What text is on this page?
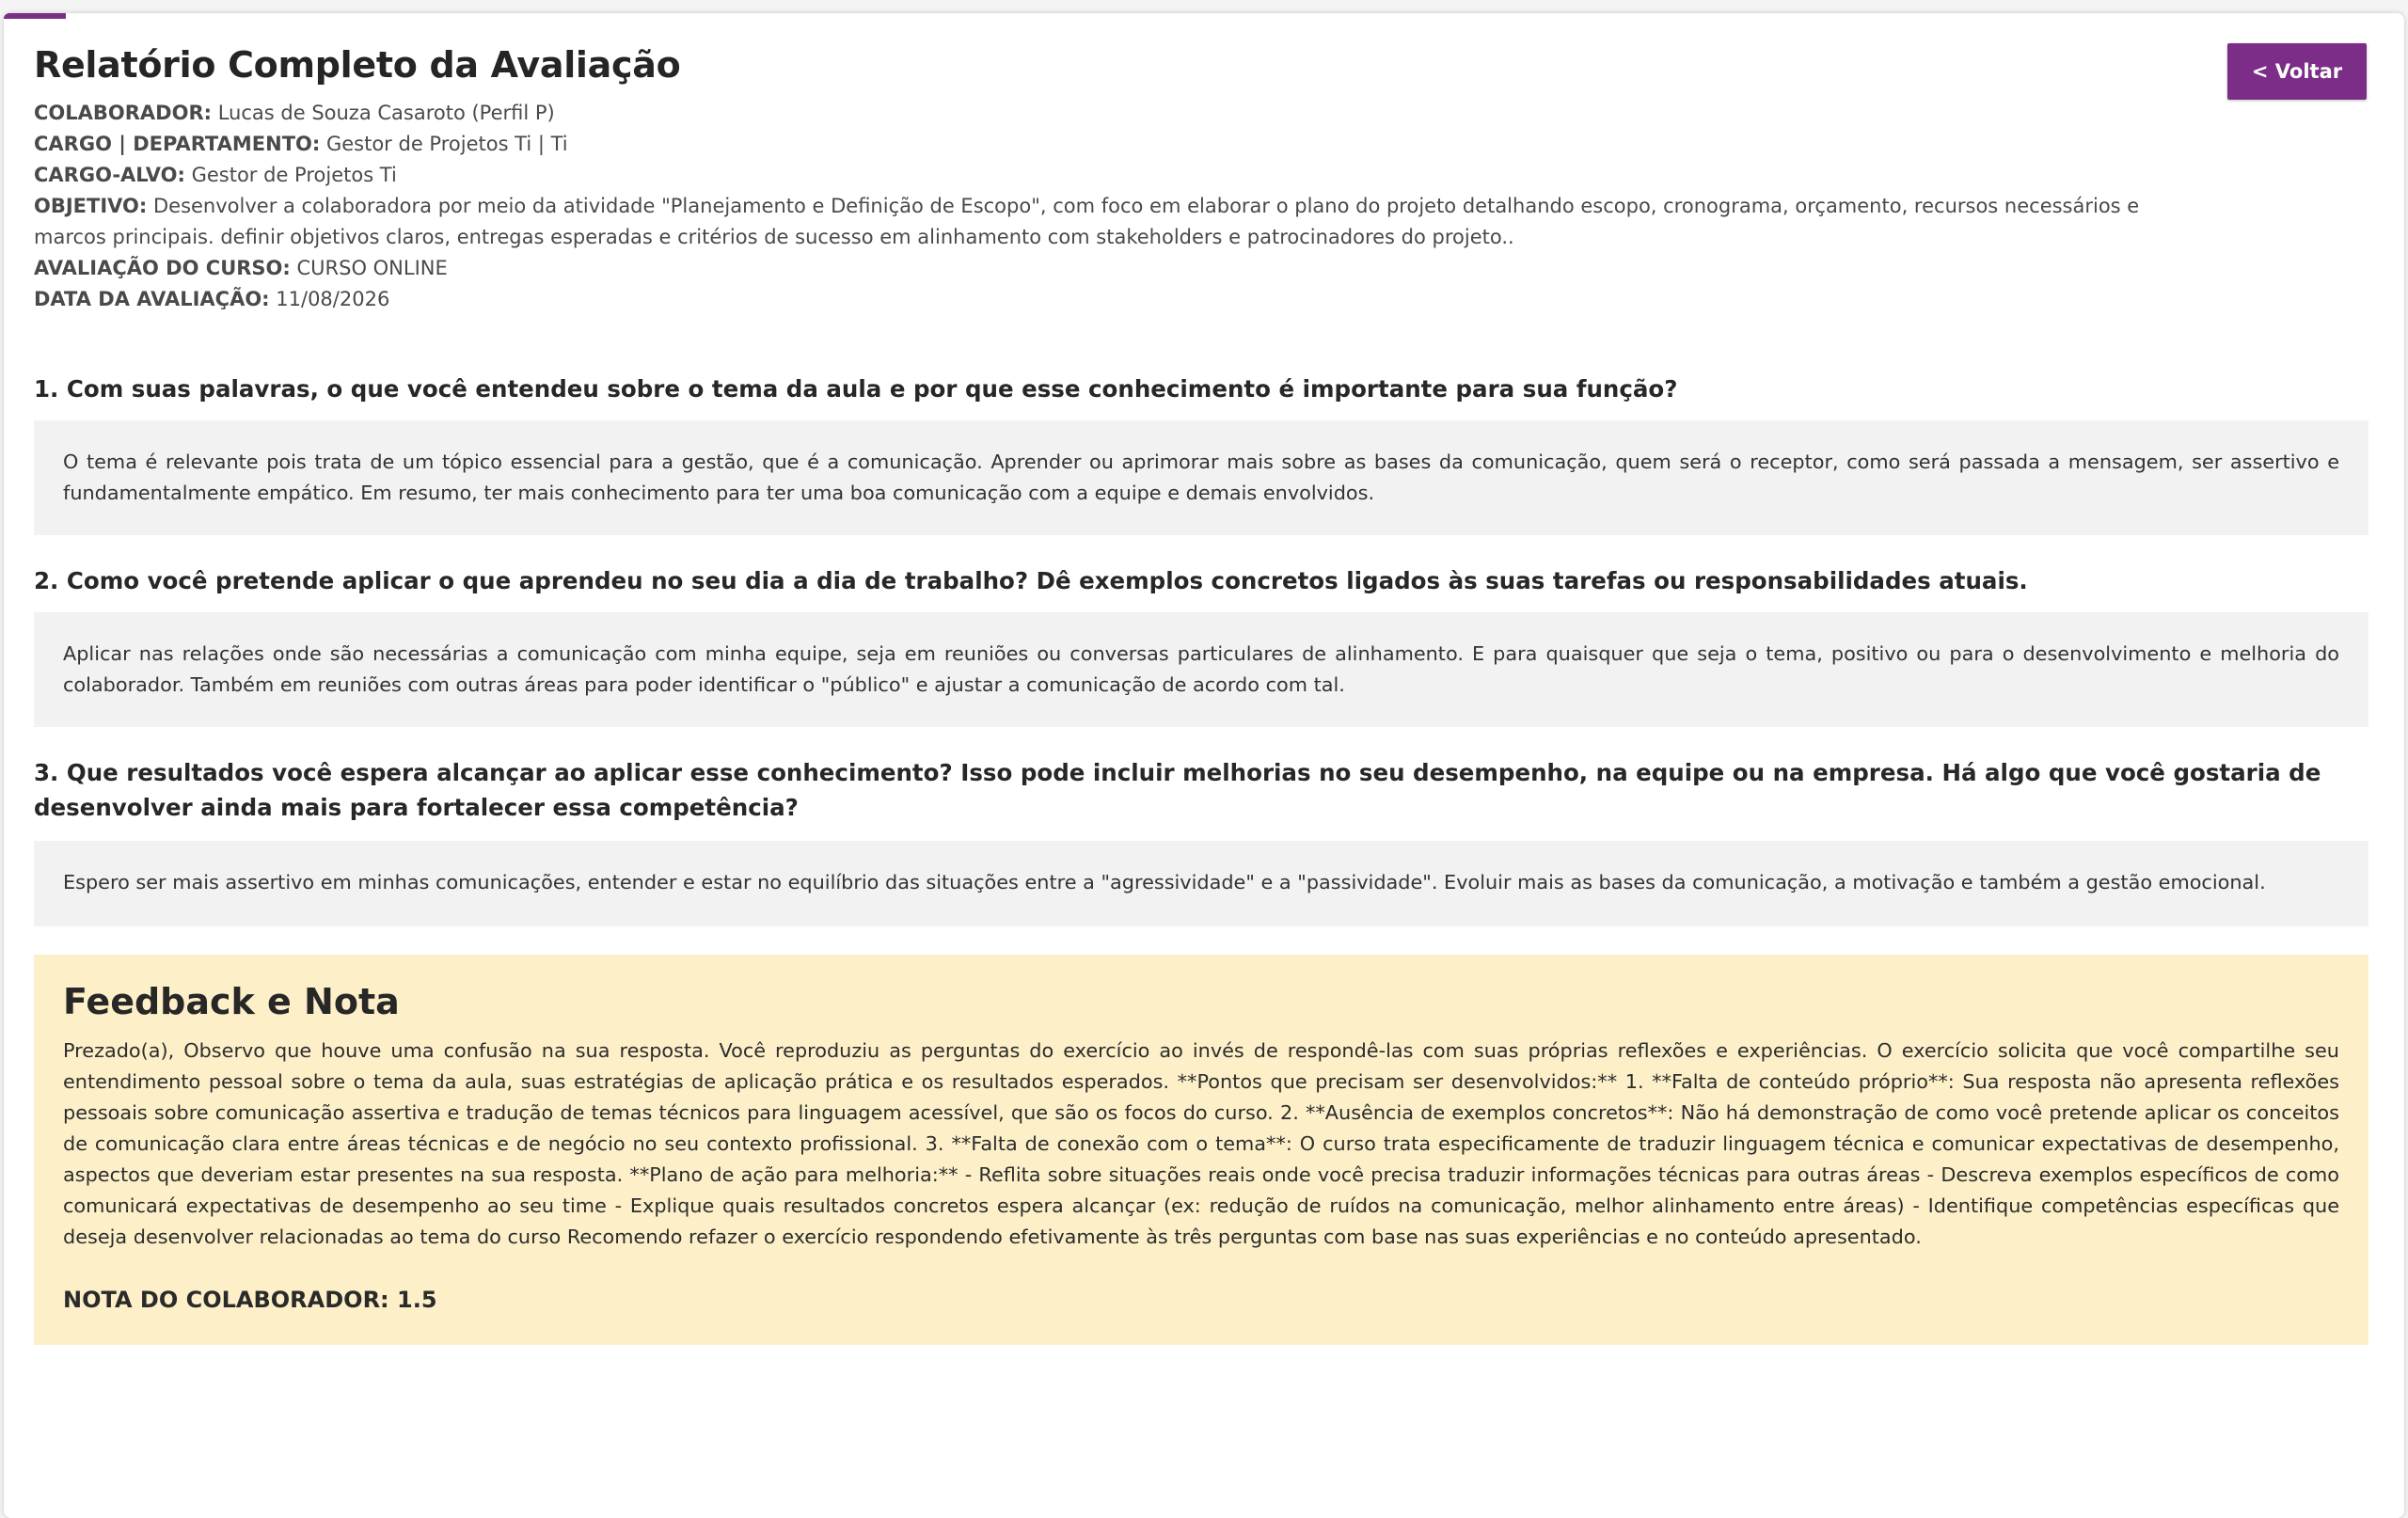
< Voltar
Relatório Completo da Avaliação
COLABORADOR: Lucas de Souza Casaroto (Perfil P)
CARGO | DEPARTAMENTO: Gestor de Projetos Ti | Ti
CARGO-ALVO: Gestor de Projetos Ti
OBJETIVO: Desenvolver a colaboradora por meio da atividade "Planejamento e Definição de Escopo", com foco em elaborar o plano do projeto detalhando escopo, cronograma, orçamento, recursos necessários e marcos principais. definir objetivos claros, entregas esperadas e critérios de sucesso em alinhamento com stakeholders e patrocinadores do projeto..
AVALIAÇÃO DO CURSO: CURSO ONLINE
DATA DA AVALIAÇÃO: 11/08/2026
1. Com suas palavras, o que você entendeu sobre o tema da aula e por que esse conhecimento é importante para sua função?
O tema é relevante pois trata de um tópico essencial para a gestão, que é a comunicação. Aprender ou aprimorar mais sobre as bases da comunicação, quem será o receptor, como será passada a mensagem, ser assertivo e fundamentalmente empático. Em resumo, ter mais conhecimento para ter uma boa comunicação com a equipe e demais envolvidos.
2. Como você pretende aplicar o que aprendeu no seu dia a dia de trabalho? Dê exemplos concretos ligados às suas tarefas ou responsabilidades atuais.
Aplicar nas relações onde são necessárias a comunicação com minha equipe, seja em reuniões ou conversas particulares de alinhamento. E para quaisquer que seja o tema, positivo ou para o desenvolvimento e melhoria do colaborador. Também em reuniões com outras áreas para poder identificar o "público" e ajustar a comunicação de acordo com tal.
3. Que resultados você espera alcançar ao aplicar esse conhecimento? Isso pode incluir melhorias no seu desempenho, na equipe ou na empresa. Há algo que você gostaria de desenvolver ainda mais para fortalecer essa competência?
Espero ser mais assertivo em minhas comunicações, entender e estar no equilíbrio das situações entre a "agressividade" e a "passividade". Evoluir mais as bases da comunicação, a motivação e também a gestão emocional.
Feedback e Nota
Prezado(a), Observo que houve uma confusão na sua resposta. Você reproduziu as perguntas do exercício ao invés de respondê-las com suas próprias reflexões e experiências. O exercício solicita que você compartilhe seu entendimento pessoal sobre o tema da aula, suas estratégias de aplicação prática e os resultados esperados. **Pontos que precisam ser desenvolvidos:** 1. **Falta de conteúdo próprio**: Sua resposta não apresenta reflexões pessoais sobre comunicação assertiva e tradução de temas técnicos para linguagem acessível, que são os focos do curso. 2. **Ausência de exemplos concretos**: Não há demonstração de como você pretende aplicar os conceitos de comunicação clara entre áreas técnicas e de negócio no seu contexto profissional. 3. **Falta de conexão com o tema**: O curso trata especificamente de traduzir linguagem técnica e comunicar expectativas de desempenho, aspectos que deveriam estar presentes na sua resposta. **Plano de ação para melhoria:** - Reflita sobre situações reais onde você precisa traduzir informações técnicas para outras áreas - Descreva exemplos específicos de como comunicará expectativas de desempenho ao seu time - Explique quais resultados concretos espera alcançar (ex: redução de ruídos na comunicação, melhor alinhamento entre áreas) - Identifique competências específicas que deseja desenvolver relacionadas ao tema do curso Recomendo refazer o exercício respondendo efetivamente às três perguntas com base nas suas experiências e no conteúdo apresentado.
NOTA DO COLABORADOR: 1.5
